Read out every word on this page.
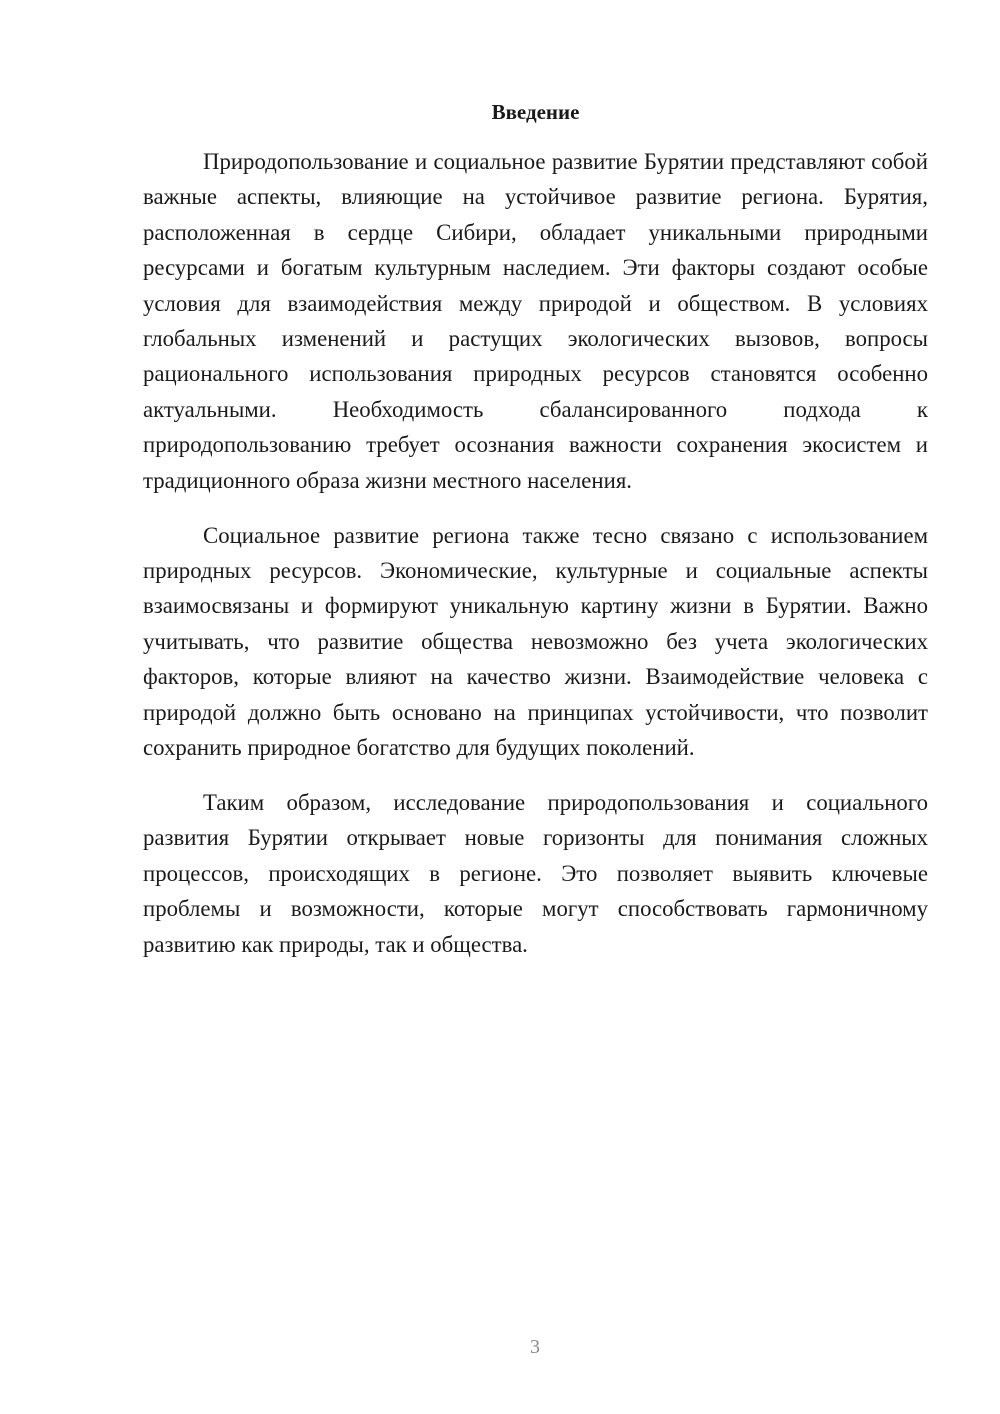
Введение

Природопользование и социальное развитие Бурятии представляют собой важные аспекты, влияющие на устойчивое развитие региона. Бурятия, расположенная в сердце Сибири, обладает уникальными природными ресурсами и богатым культурным наследием. Эти факторы создают особые условия для взаимодействия между природой и обществом. В условиях глобальных изменений и растущих экологических вызовов, вопросы рационального использования природных ресурсов становятся особенно актуальными. Необходимость сбалансированного подхода к природопользованию требует осознания важности сохранения экосистем и традиционного образа жизни местного населения.

Социальное развитие региона также тесно связано с использованием природных ресурсов. Экономические, культурные и социальные аспекты взаимосвязаны и формируют уникальную картину жизни в Бурятии. Важно учитывать, что развитие общества невозможно без учета экологических факторов, которые влияют на качество жизни. Взаимодействие человека с природой должно быть основано на принципах устойчивости, что позволит сохранить природное богатство для будущих поколений.

Таким образом, исследование природопользования и социального развития Бурятии открывает новые горизонты для понимания сложных процессов, происходящих в регионе. Это позволяет выявить ключевые проблемы и возможности, которые могут способствовать гармоничному развитию как природы, так и общества.

3
